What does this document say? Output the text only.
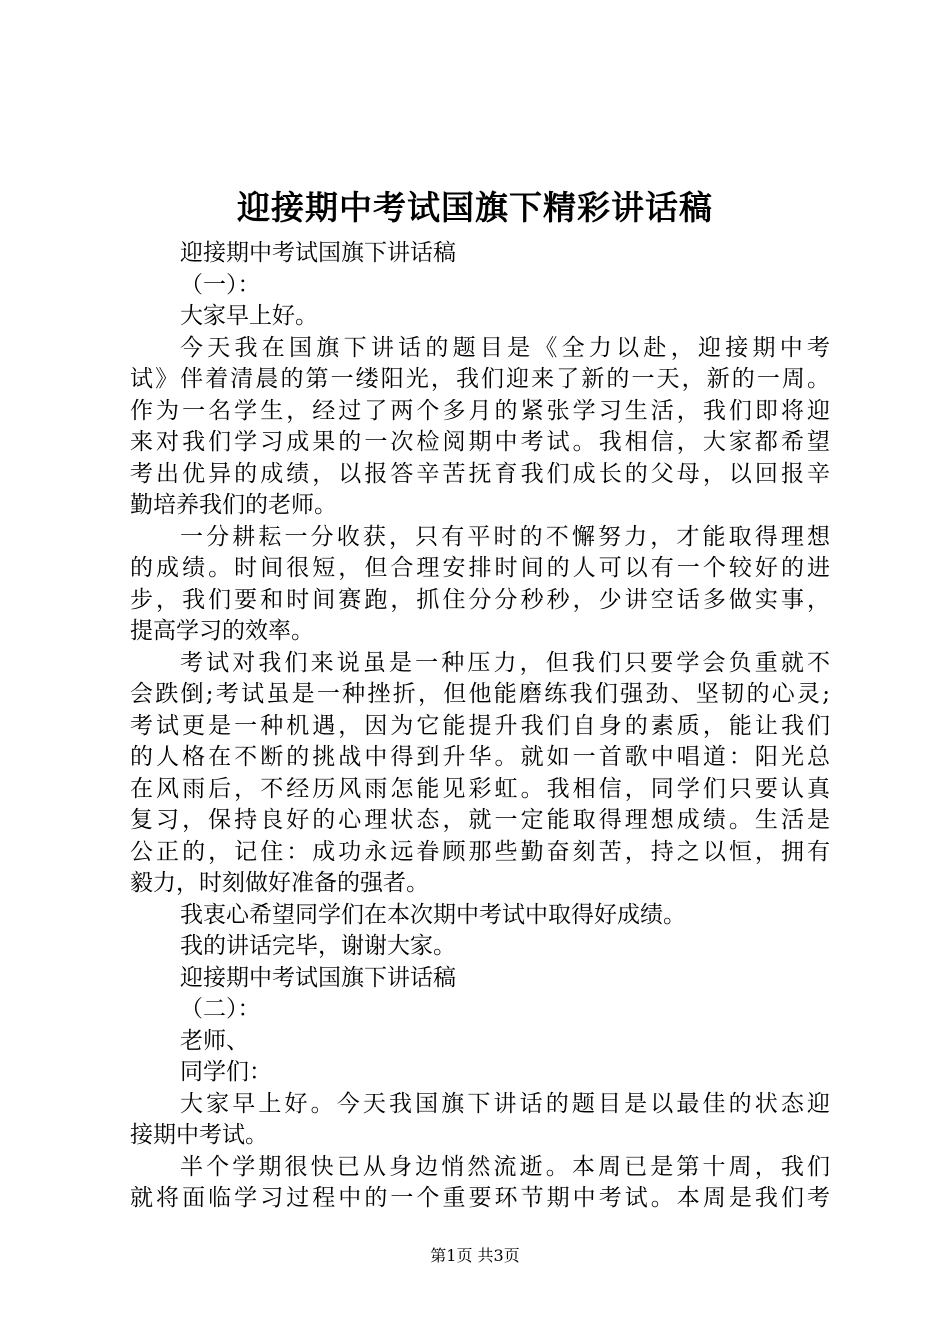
迎接期中考试国旗下精彩讲话稿
迎接期中考试国旗下讲话稿
（一）：
大家早上好。
今天我在国旗下讲话的题目是《全力以赴，迎接期中考
试》伴着清晨的第一缕阳光，我们迎来了新的一天，新的一周。
作为一名学生，经过了两个多月的紧张学习生活，我们即将迎
来对我们学习成果的一次检阅期中考试。我相信，大家都希望
考出优异的成绩，以报答辛苦抚育我们成长的父母，以回报辛
勤培养我们的老师。
一分耕耘一分收获，只有平时的不懈努力，才能取得理想
的成绩。时间很短，但合理安排时间的人可以有一个较好的进
步，我们要和时间赛跑，抓住分分秒秒，少讲空话多做实事，
提高学习的效率。
考试对我们来说虽是一种压力，但我们只要学会负重就不
会跌倒;考试虽是一种挫折，但他能磨练我们强劲、坚韧的心灵;
考试更是一种机遇，因为它能提升我们自身的素质，能让我们
的人格在不断的挑战中得到升华。就如一首歌中唱道：阳光总
在风雨后，不经历风雨怎能见彩虹。我相信，同学们只要认真
复习，保持良好的心理状态，就一定能取得理想成绩。生活是
公正的，记住：成功永远眷顾那些勤奋刻苦，持之以恒，拥有
毅力，时刻做好准备的强者。
我衷心希望同学们在本次期中考试中取得好成绩。
我的讲话完毕，谢谢大家。
迎接期中考试国旗下讲话稿
（二）：
老师、
同学们：
大家早上好。今天我国旗下讲话的题目是以最佳的状态迎
接期中考试。
半个学期很快已从身边悄然流逝。本周已是第十周，我们
就将面临学习过程中的一个重要环节期中考试。本周是我们考
第1页 共3页
